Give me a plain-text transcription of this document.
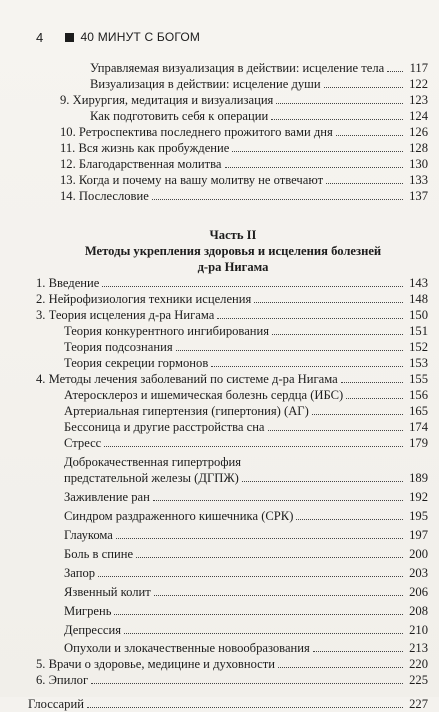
4	40 МИНУТ С БОГОМ
Управляемая визуализация в действии: исцеление тела 117
Визуализация в действии: исцеление души	122
9.
Хирургия, медитация и визуализация	123
Как подготовить себя к операции	124
10.
Ретроспектива последнего прожитого вами дня	126
11.
Вся жизнь как пробуждение	128
12.
Благодарственная молитва	130
13.
Когда и почему на вашу молитву не отвечают	133
14.
Послесловие	137
Часть II
Методы укрепления здоровья и исцеления болезней
д-ра Нигама
1.
Введение	143
2.
Нейрофизиология техники исцеления	148
3.
Теория исцеления д-ра Нигама	150
Теория конкурентного ингибирования	151
Теория подсознания	152
Теория секреции гормонов	153
4.
Методы лечения заболеваний по системе д-ра Нигама	155
Атеросклероз и ишемическая болезнь сердца (ИБС)	156
Артериальная гипертензия (гипертония) (АГ)	165
Бессоница и другие расстройства сна	174
Стресс	179
Доброкачественная гипертрофия
предстательной железы (ДГПЖ)	189
Заживление ран	192
Синдром раздраженного кишечника (СРК)	195
Глаукома	197
Боль в спине	200
Запор	203
Язвенный колит	206
Мигрень	208
Депрессия	210
Опухоли и злокачественные новообразования	213
5.
Врачи о здоровье, медицине и духовности	220
6.
Эпилог	225
Глоссарий	227
